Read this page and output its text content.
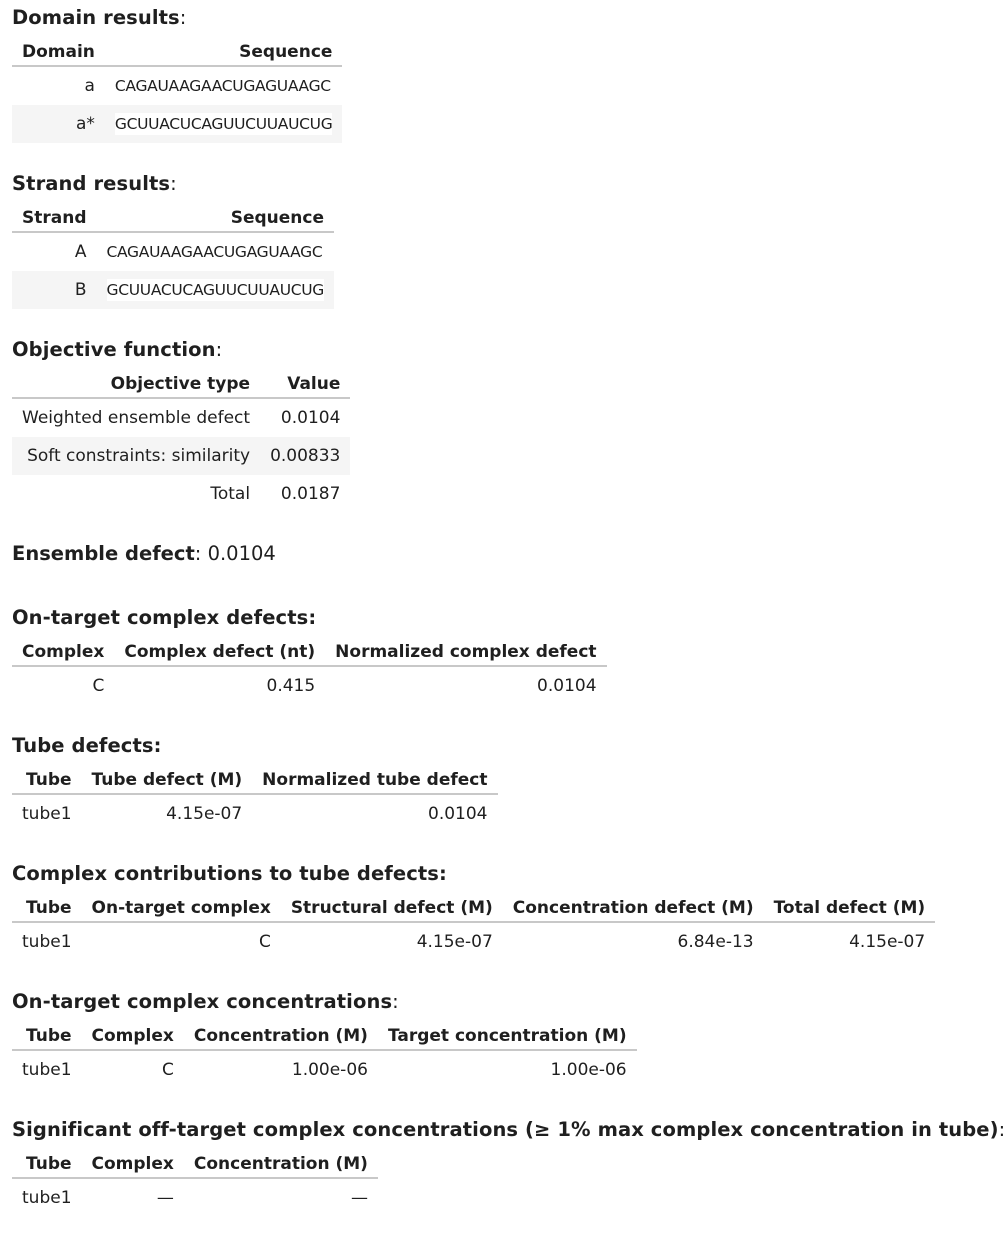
Domain results:
Domain	Sequence
a	CAGAUAAGAACUGAGUAAGC
a*	GCUUACUCAGUUCUUAUCUG
Strand results:
Strand	Sequence
A	CAGAUAAGAACUGAGUAAGC
B	GCUUACUCAGUUCUUAUCUG
Objective function:
Objective type	Value
Weighted ensemble defect	0.0104
Soft constraints: similarity	0.00833
Total	0.0187
Ensemble defect: 0.0104
On-target complex defects:
Complex	Complex defect (nt)	Normalized complex defect
C	0.415	0.0104
Tube defects:
Tube	Tube defect (M)	Normalized tube defect
tube1	4.15e-07	0.0104
Complex contributions to tube defects:
Tube	On-target complex	Structural defect (M)	Concentration defect (M)	Total defect (M)
tube1	C	4.15e-07	6.84e-13	4.15e-07
On-target complex concentrations:
Tube	Complex	Concentration (M)	Target concentration (M)
tube1	C	1.00e-06	1.00e-06
Significant off-target complex concentrations (≥ 1% max complex concentration in tube):
Tube	Complex	Concentration (M)
tube1	—	—
